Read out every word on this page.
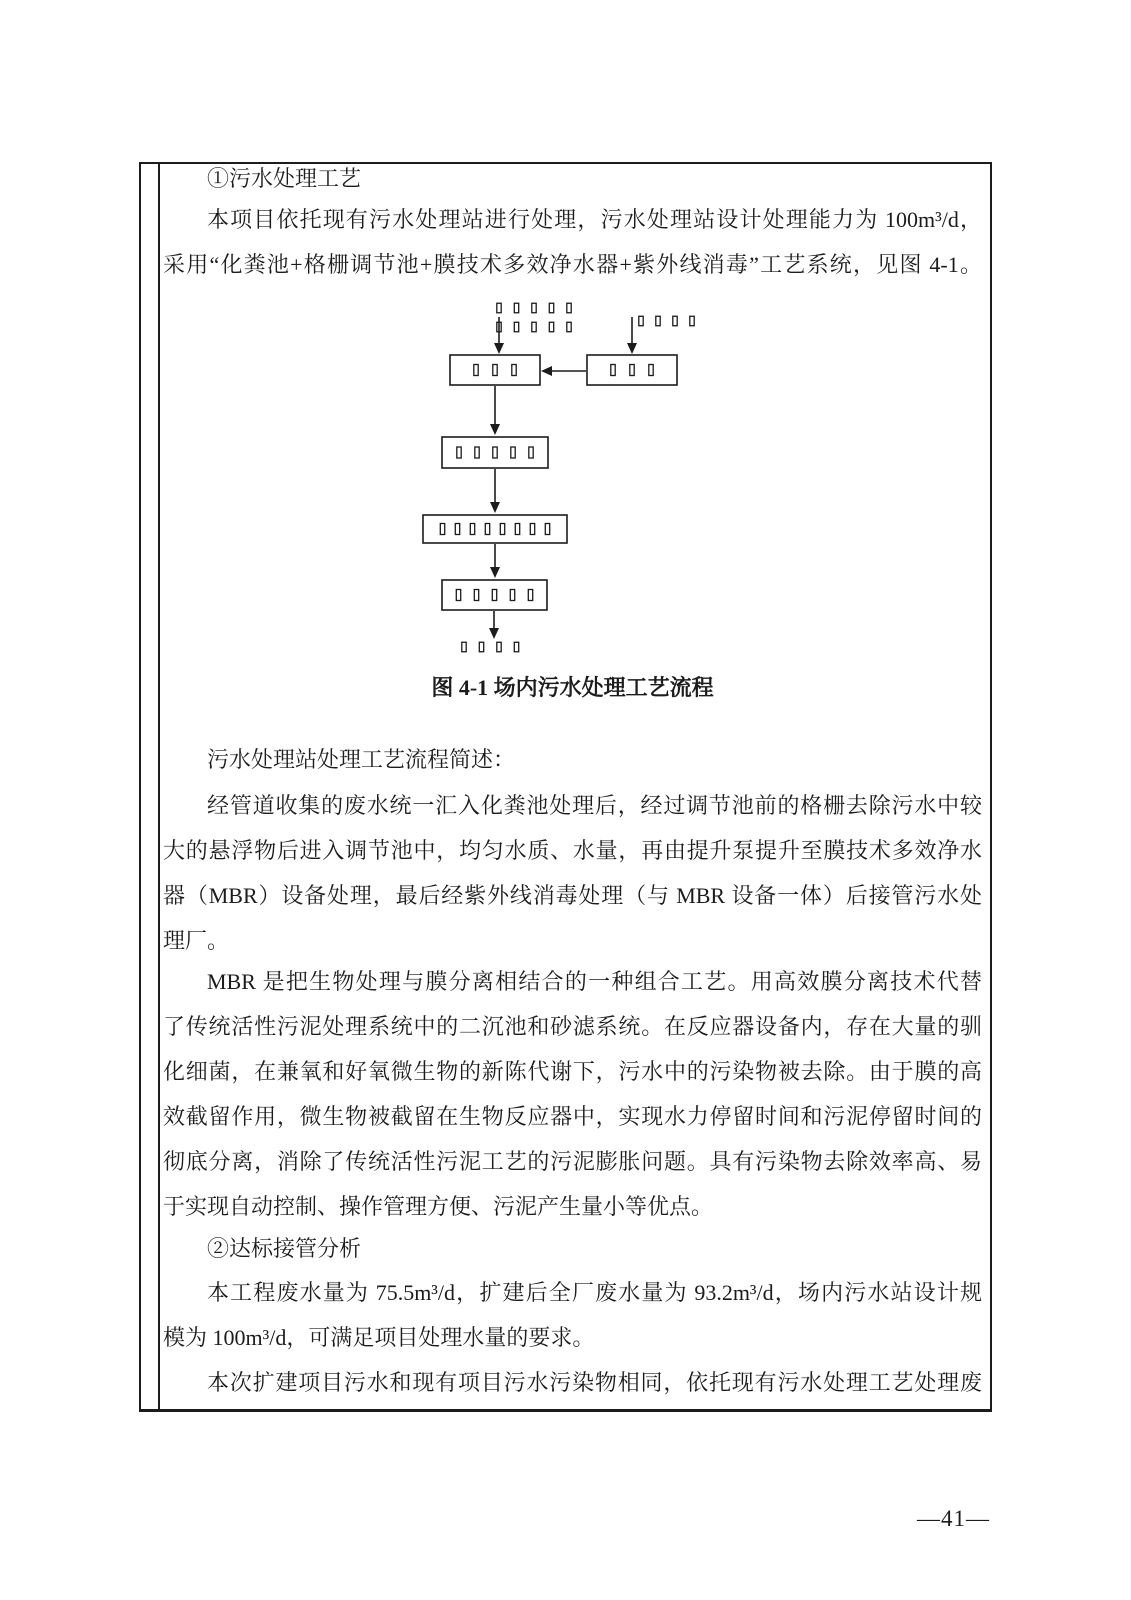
①污水处理工艺
本项目依托现有污水处理站进行处理，污水处理站设计处理能力为 100m³/d，
采用“化粪池+格栅调节池+膜技术多效净水器+紫外线消毒”工艺系统，见图 4-1。
图 4-1 场内污水处理工艺流程
污水处理站处理工艺流程简述：
经管道收集的废水统一汇入化粪池处理后，经过调节池前的格栅去除污水中较
大的悬浮物后进入调节池中，均匀水质、水量，再由提升泵提升至膜技术多效净水
器（MBR）设备处理，最后经紫外线消毒处理（与 MBR 设备一体）后接管污水处
理厂。
MBR 是把生物处理与膜分离相结合的一种组合工艺。用高效膜分离技术代替
了传统活性污泥处理系统中的二沉池和砂滤系统。在反应器设备内，存在大量的驯
化细菌，在兼氧和好氧微生物的新陈代谢下，污水中的污染物被去除。由于膜的高
效截留作用，微生物被截留在生物反应器中，实现水力停留时间和污泥停留时间的
彻底分离，消除了传统活性污泥工艺的污泥膨胀问题。具有污染物去除效率高、易
于实现自动控制、操作管理方便、污泥产生量小等优点。
②达标接管分析
本工程废水量为 75.5m³/d，扩建后全厂废水量为 93.2m³/d，场内污水站设计规
模为 100m³/d，可满足项目处理水量的要求。
本次扩建项目污水和现有项目污水污染物相同，依托现有污水处理工艺处理废
—41—
